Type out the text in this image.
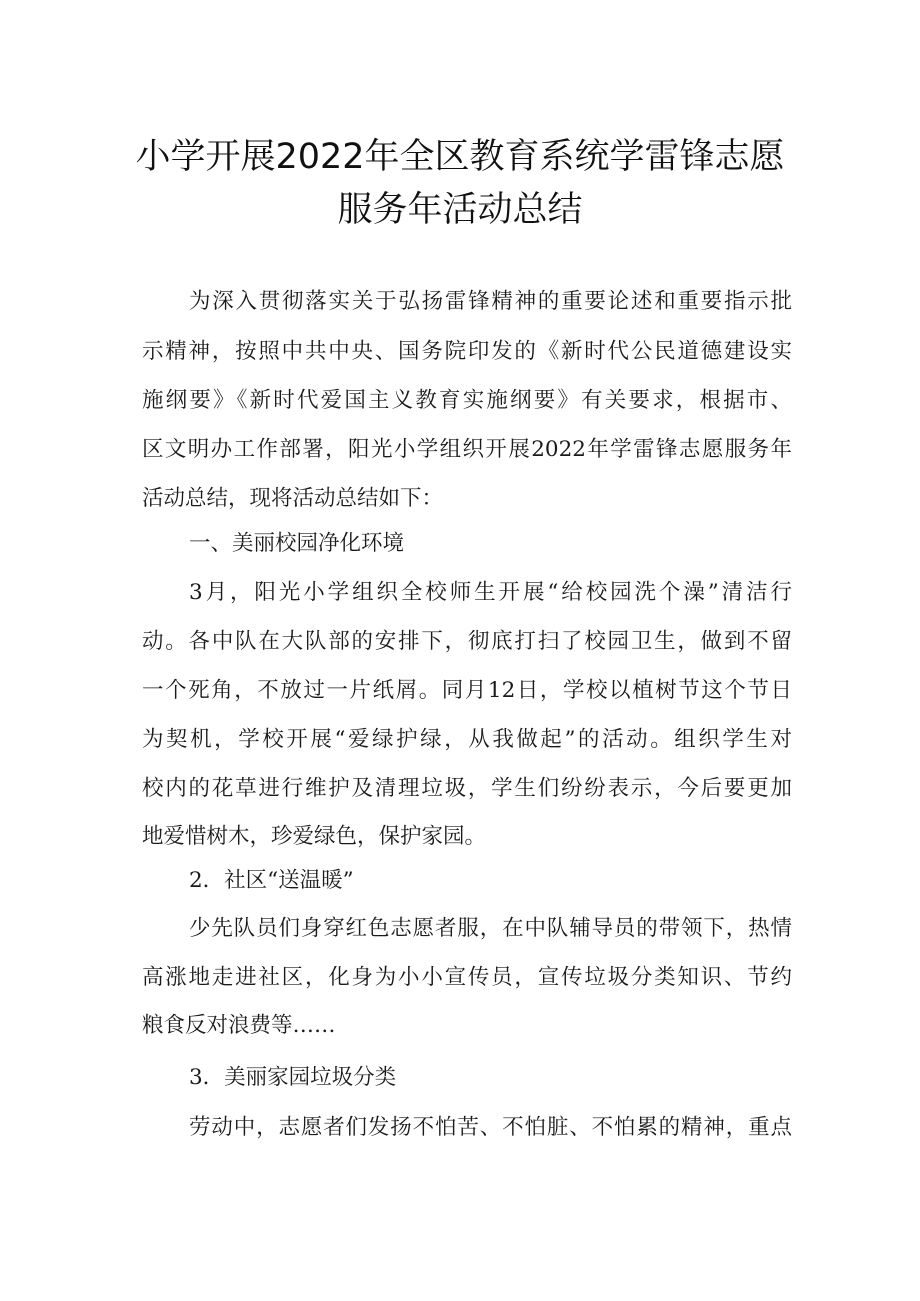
小学开展2022年全区教育系统学雷锋志愿
服务年活动总结
为深入贯彻落实关于弘扬雷锋精神的重要论述和重要指示批
示精神，按照中共中央、国务院印发的《新时代公民道德建设实
施纲要》《新时代爱国主义教育实施纲要》有关要求，根据市、
区文明办工作部署，阳光小学组织开展2022年学雷锋志愿服务年
活动总结，现将活动总结如下：
一、美丽校园净化环境
3月，阳光小学组织全校师生开展“给校园洗个澡”清洁行
动。各中队在大队部的安排下，彻底打扫了校园卫生，做到不留
一个死角，不放过一片纸屑。同月12日，学校以植树节这个节日
为契机，学校开展“爱绿护绿，从我做起”的活动。组织学生对
校内的花草进行维护及清理垃圾，学生们纷纷表示，今后要更加
地爱惜树木，珍爱绿色，保护家园。
2．社区“送温暖”
少先队员们身穿红色志愿者服，在中队辅导员的带领下，热情
高涨地走进社区，化身为小小宣传员，宣传垃圾分类知识、节约
粮食反对浪费等……
3．美丽家园垃圾分类
劳动中，志愿者们发扬不怕苦、不怕脏、不怕累的精神，重点
